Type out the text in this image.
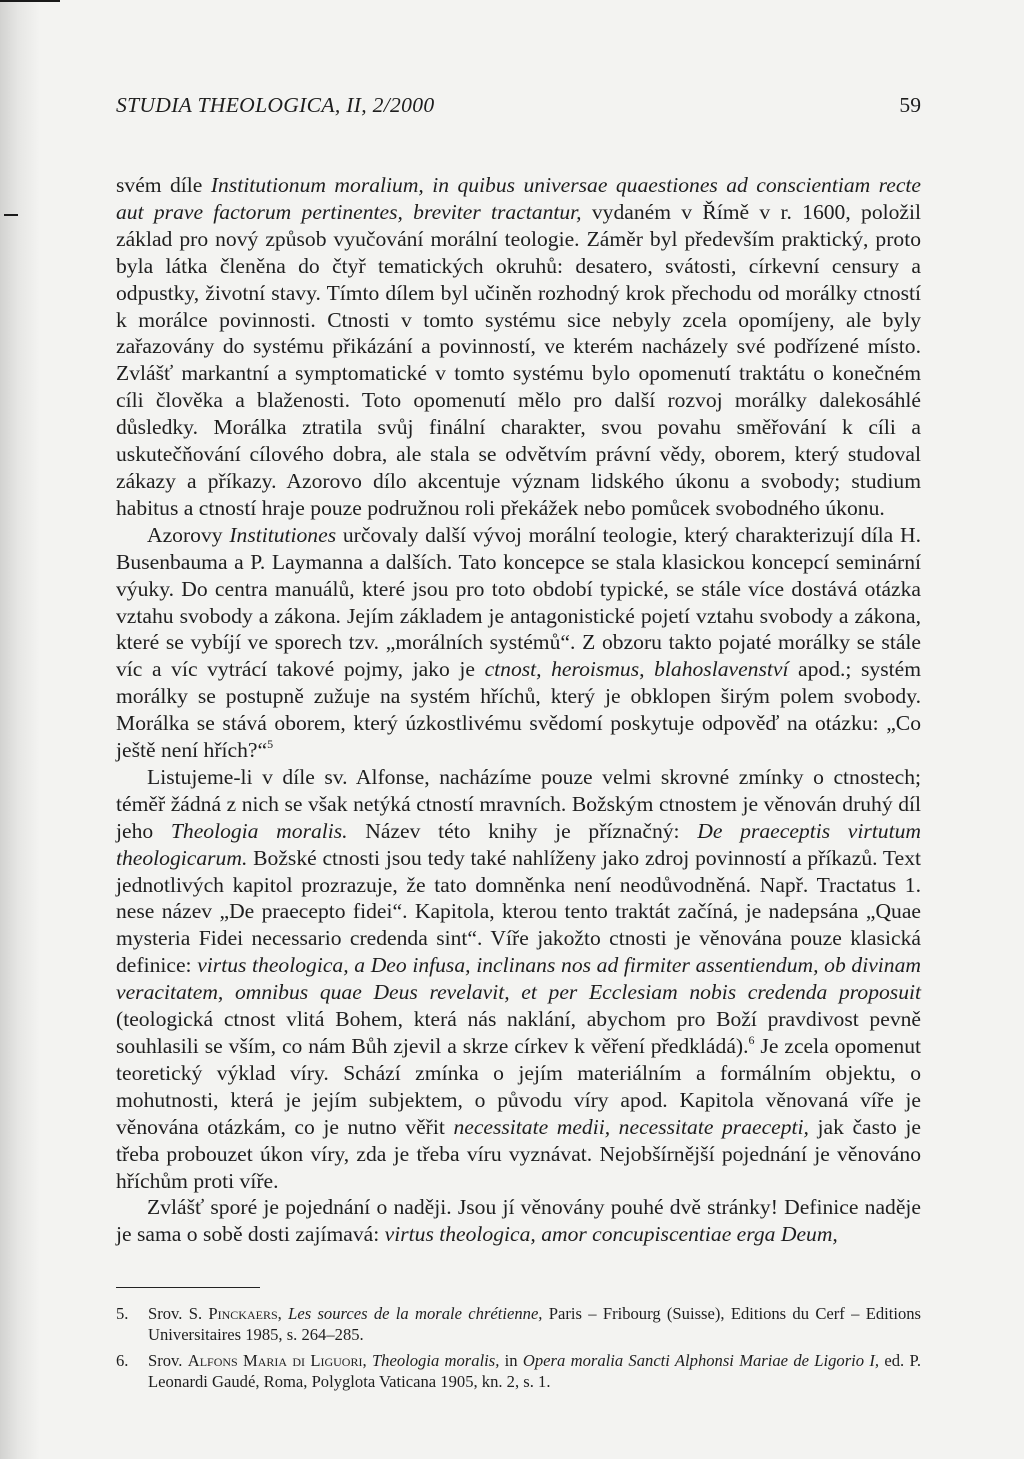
STUDIA THEOLOGICA, II, 2/2000	59

svém díle Institutionum moralium, in quibus universae quaestiones ad conscientiam recte aut prave factorum pertinentes, breviter tractantur, vydaném v Římě v r. 1600, položil základ pro nový způsob vyučování morální teologie. Záměr byl především praktický, proto byla látka členěna do čtyř tematických okruhů: desatero, svátosti, církevní censury a odpustky, životní stavy. Tímto dílem byl učiněn rozhodný krok přechodu od morálky ctností k morálce povinnosti. Ctnosti v tomto systému sice nebyly zcela opomíjeny, ale byly zařazovány do systému přikázání a povinností, ve kterém nacházely své podřízené místo. Zvlášť markantní a symptomatické v tomto systému bylo opomenutí traktátu o konečném cíli člověka a blaženosti. Toto opomenutí mělo pro další rozvoj morálky dalekosáhlé důsledky. Morálka ztratila svůj finální charakter, svou povahu směřování k cíli a uskutečňování cílového dobra, ale stala se odvětvím právní vědy, oborem, který studoval zákazy a příkazy. Azorovo dílo akcentuje význam lidského úkonu a svobody; studium habitus a ctností hraje pouze podružnou roli překážek nebo pomůcek svobodného úkonu.

Azorovy Institutiones určovaly další vývoj morální teologie, který charakterizují díla H. Busenbauma a P. Laymanna a dalších. Tato koncepce se stala klasickou koncepcí seminární výuky. Do centra manuálů, které jsou pro toto období typické, se stále více dostává otázka vztahu svobody a zákona. Jejím základem je antagonistické pojetí vztahu svobody a zákona, které se vybíjí ve sporech tzv. „morálních systémů“. Z obzoru takto pojaté morálky se stále víc a víc vytrácí takové pojmy, jako je ctnost, heroismus, blahoslavenství apod.; systém morálky se postupně zužuje na systém hříchů, který je obklopen širým polem svobody. Morálka se stává oborem, který úzkostlivému svědomí poskytuje odpověď na otázku: „Co ještě není hřích?“$^5$

Listujeme-li v díle sv. Alfonse, nacházíme pouze velmi skrovné zmínky o ctnostech; téměř žádná z nich se však netýká ctností mravních. Božským ctnostem je věnován druhý díl jeho Theologia moralis. Název této knihy je příznačný: De praeceptis virtutum theologicarum. Božské ctnosti jsou tedy také nahlíženy jako zdroj povinností a příkazů. Text jednotlivých kapitol prozrazuje, že tato domněnka není neodůvodněná. Např. Tractatus 1. nese název „De praecepto fidei“. Kapitola, kterou tento traktát začíná, je nadepsána „Quae mysteria Fidei necessario credenda sint“. Víře jakožto ctnosti je věnována pouze klasická definice: virtus theologica, a Deo infusa, inclinans nos ad firmiter assentiendum, ob divinam veracitatem, omnibus quae Deus revelavit, et per Ecclesiam nobis credenda proposuit (teologická ctnost vlitá Bohem, která nás naklání, abychom pro Boží pravdivost pevně souhlasili se vším, co nám Bůh zjevil a skrze církev k věření předkládá).$^6$ Je zcela opomenut teoretický výklad víry. Schází zmínka o jejím materiálním a formálním objektu, o mohutnosti, která je jejím subjektem, o původu víry apod. Kapitola věnovaná víře je věnována otázkám, co je nutno věřit necessitate medii, necessitate praecepti, jak často je třeba probouzet úkon víry, zda je třeba víru vyznávat. Nejobšírnější pojednání je věnováno hříchům proti víře.

Zvlášť sporé je pojednání o naději. Jsou jí věnovány pouhé dvě stránky! Definice naděje je sama o sobě dosti zajímavá: virtus theologica, amor concupiscentiae erga Deum,

5. Srov. S. Pinckaers, Les sources de la morale chrétienne, Paris – Fribourg (Suisse), Editions du Cerf – Editions Universitaires 1985, s. 264–285.
6. Srov. Alfons Maria di Liguori, Theologia moralis, in Opera moralia Sancti Alphonsi Mariae de Ligorio I, ed. P. Leonardi Gaudé, Roma, Polyglota Vaticana 1905, kn. 2, s. 1.
